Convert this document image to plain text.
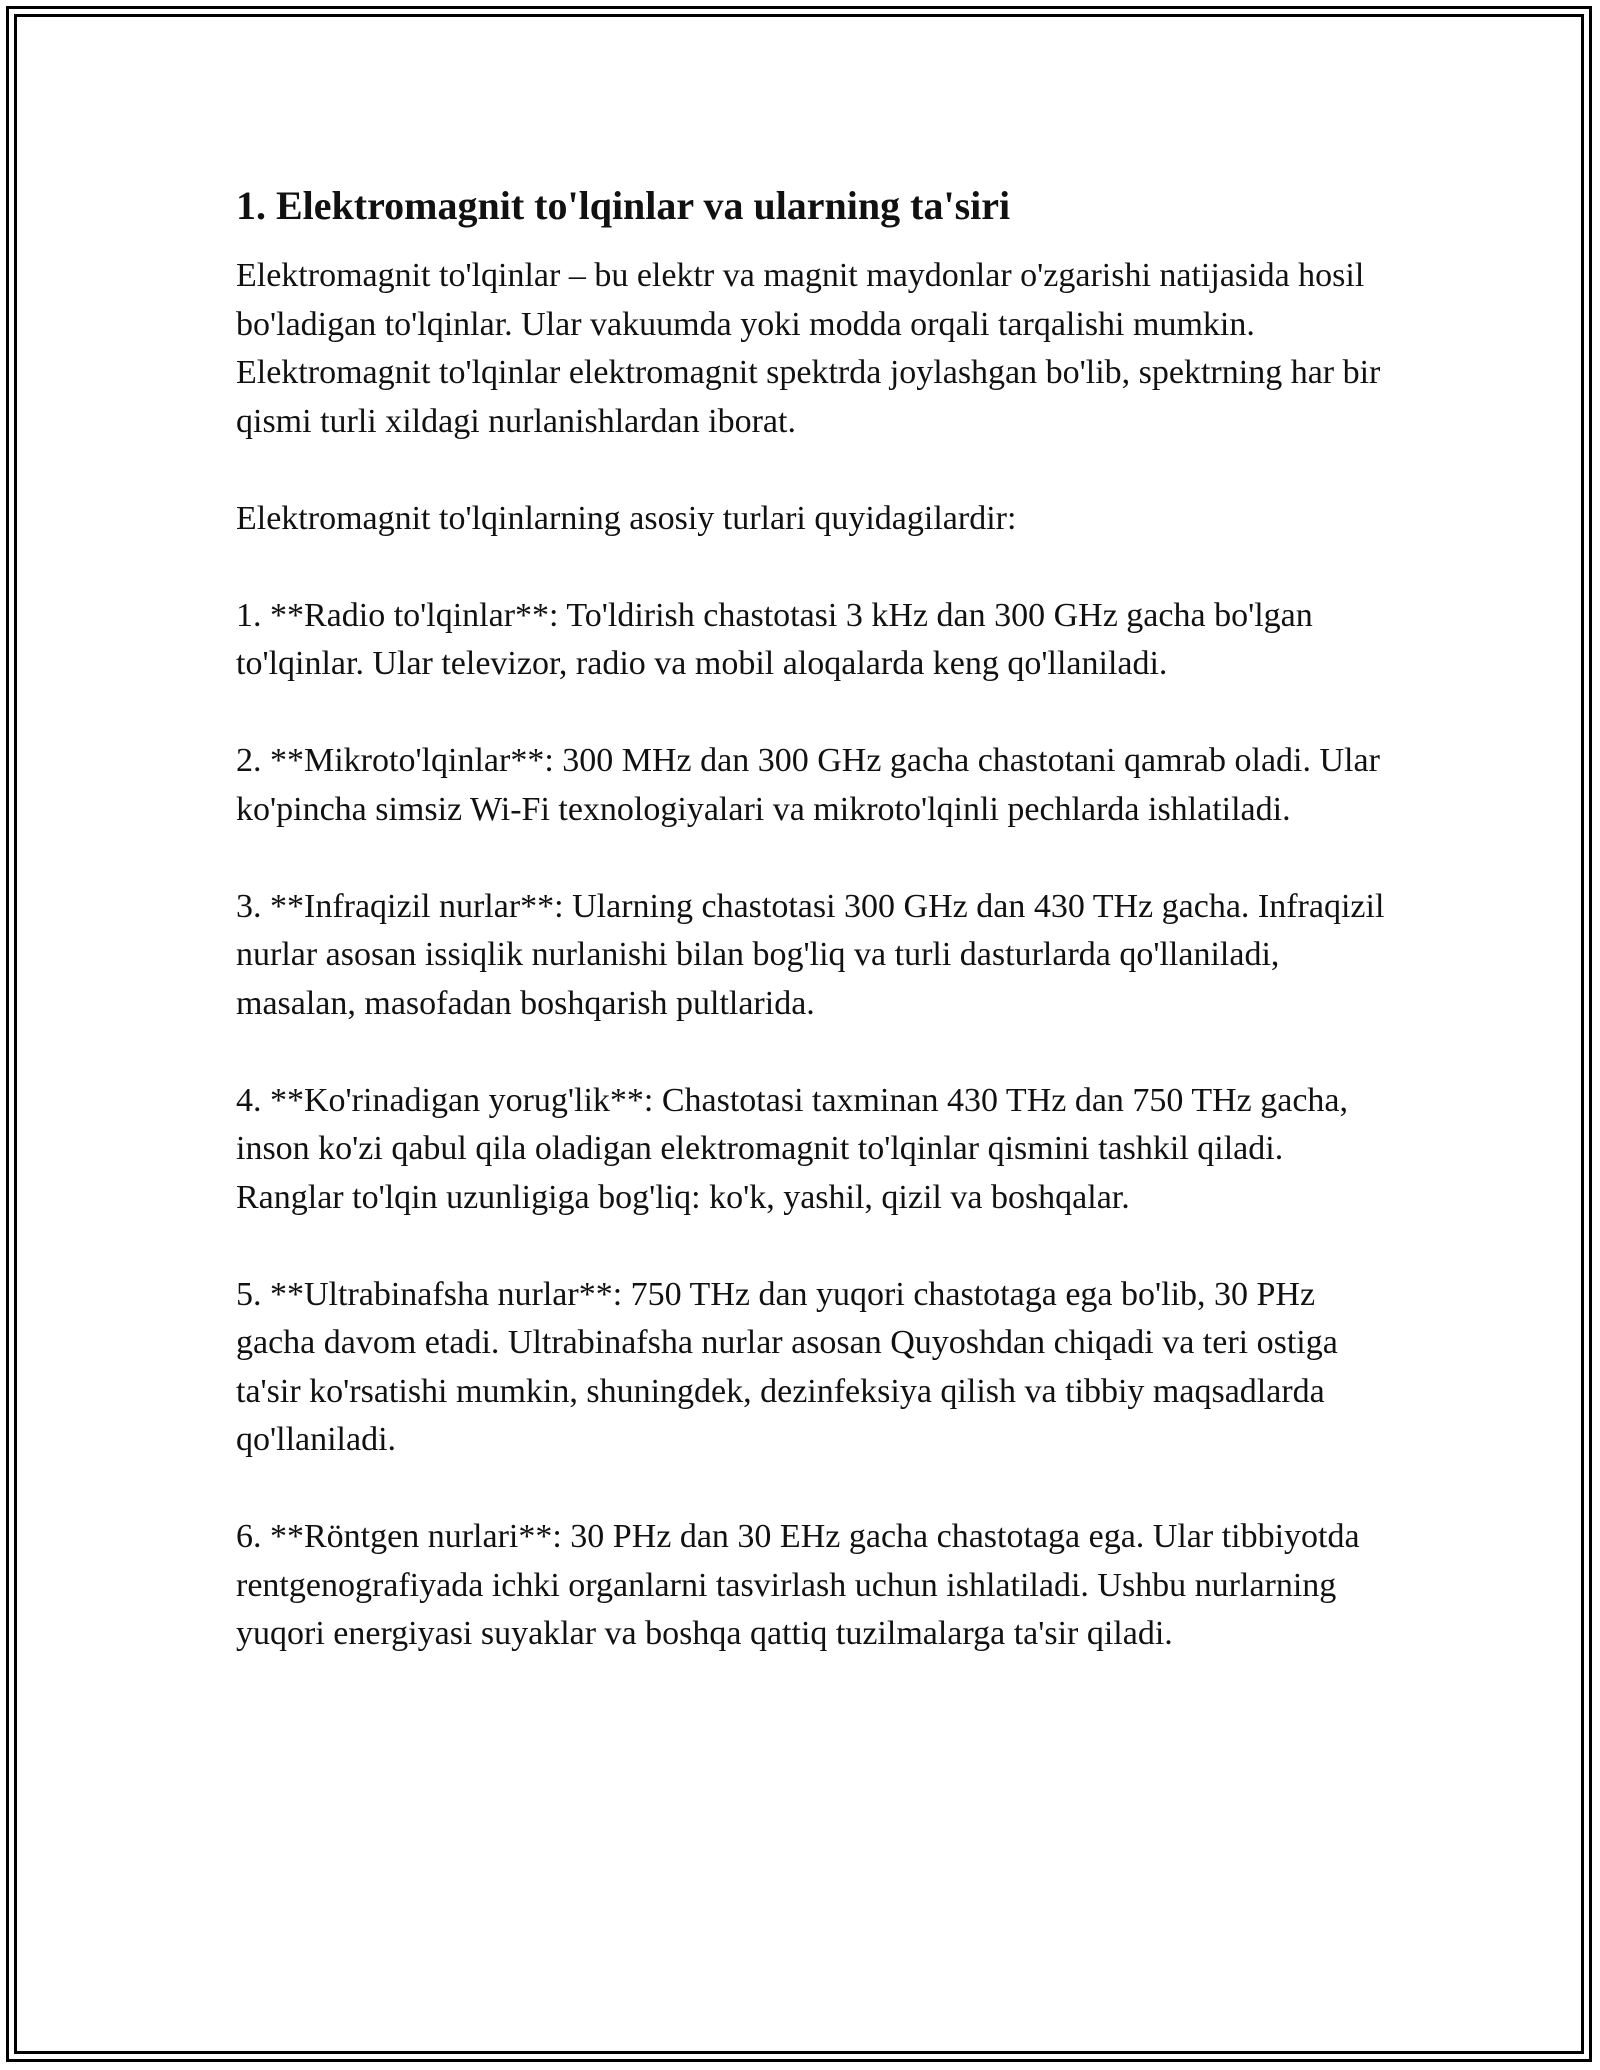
1. Elektromagnit to'lqinlar va ularning ta'siri

Elektromagnit to'lqinlar – bu elektr va magnit maydonlar o'zgarishi natijasida hosil bo'ladigan to'lqinlar. Ular vakuumda yoki modda orqali tarqalishi mumkin. Elektromagnit to'lqinlar elektromagnit spektrda joylashgan bo'lib, spektrning har bir qismi turli xildagi nurlanishlardan iborat.

Elektromagnit to'lqinlarning asosiy turlari quyidagilardir:

1. **Radio to'lqinlar**: To'ldirish chastotasi 3 kHz dan 300 GHz gacha bo'lgan to'lqinlar. Ular televizor, radio va mobil aloqalarda keng qo'llaniladi.

2. **Mikroto'lqinlar**: 300 MHz dan 300 GHz gacha chastotani qamrab oladi. Ular ko'pincha simsiz Wi-Fi texnologiyalari va mikroto'lqinli pechlarda ishlatiladi.

3. **Infraqizil nurlar**: Ularning chastotasi 300 GHz dan 430 THz gacha. Infraqizil nurlar asosan issiqlik nurlanishi bilan bog'liq va turli dasturlarda qo'llaniladi, masalan, masofadan boshqarish pultlarida.

4. **Ko'rinadigan yorug'lik**: Chastotasi taxminan 430 THz dan 750 THz gacha, inson ko'zi qabul qila oladigan elektromagnit to'lqinlar qismini tashkil qiladi. Ranglar to'lqin uzunligiga bog'liq: ko'k, yashil, qizil va boshqalar.

5. **Ultrabinafsha nurlar**: 750 THz dan yuqori chastotaga ega bo'lib, 30 PHz gacha davom etadi. Ultrabinafsha nurlar asosan Quyoshdan chiqadi va teri ostiga ta'sir ko'rsatishi mumkin, shuningdek, dezinfeksiya qilish va tibbiy maqsadlarda qo'llaniladi.

6. **Röntgen nurlari**: 30 PHz dan 30 EHz gacha chastotaga ega. Ular tibbiyotda rentgenografiyada ichki organlarni tasvirlash uchun ishlatiladi. Ushbu nurlarning yuqori energiyasi suyaklar va boshqa qattiq tuzilmalarga ta'sir qiladi.
